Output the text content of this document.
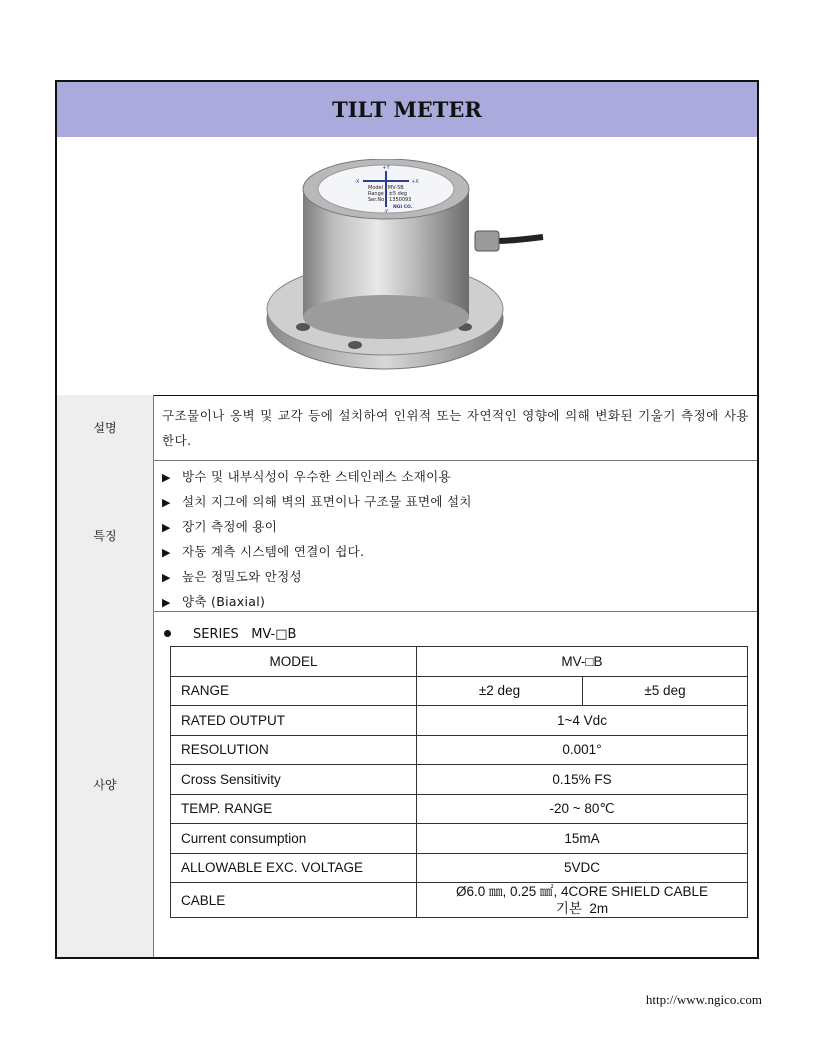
TILT METER
+Y
-Y
-X	+X
Model : MV-5B
Range : ±5 deg
Ser.No : 1350093
NGI CO.
설명
구조물이나 옹벽 및 교각 등에 설치하여 인위적 또는 자연적인 영향에 의해 변화된 기울기 측정에 사용한다.
특징
▶ 방수 및 내부식성이 우수한 스테인레스 소재이용
▶ 설치 지그에 의해 벽의 표면이나 구조물 표면에 설치
▶ 장기 측정에 용이
▶ 자동 계측 시스템에 연결이 쉽다.
▶ 높은 정밀도와 안정성
▶ 양축 (Biaxial)
사양
SERIES   MV-□B
MODEL	MV-□B	
RANGE	±2 deg	±5 deg
RATED OUTPUT	1~4 Vdc	
RESOLUTION	0.001°	
Cross Sensitivity	0.15% FS	
TEMP. RANGE	-20 ~ 80℃	
Current consumption	15mA	
ALLOWABLE EXC. VOLTAGE	5VDC	
CABLE	Ø6.0 ㎜, 0.25 ㎟, 4CORE SHIELD CABLE
기본  2m	
http://www.ngico.com
